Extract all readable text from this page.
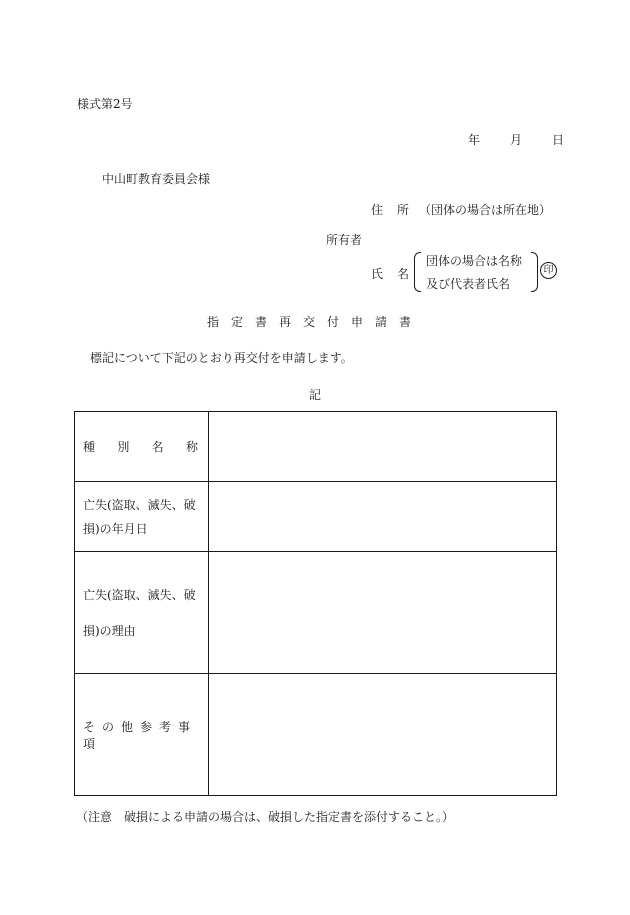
様式第2号
年	月	日
中山町教育委員会様
住所
（団体の場合は所在地）
所有者
氏名
団体の場合は名称
及び代表者氏名
印
指定書再交付申請書
標記について下記のとおり再交付を申請します。
記
種 別 名 称	

亡失(盗取、滅失、破
損)の年月日	

亡失(盗取、滅失、破
損)の理由	

その他参考事項	
（注意　破損による申請の場合は、破損した指定書を添付すること。）
